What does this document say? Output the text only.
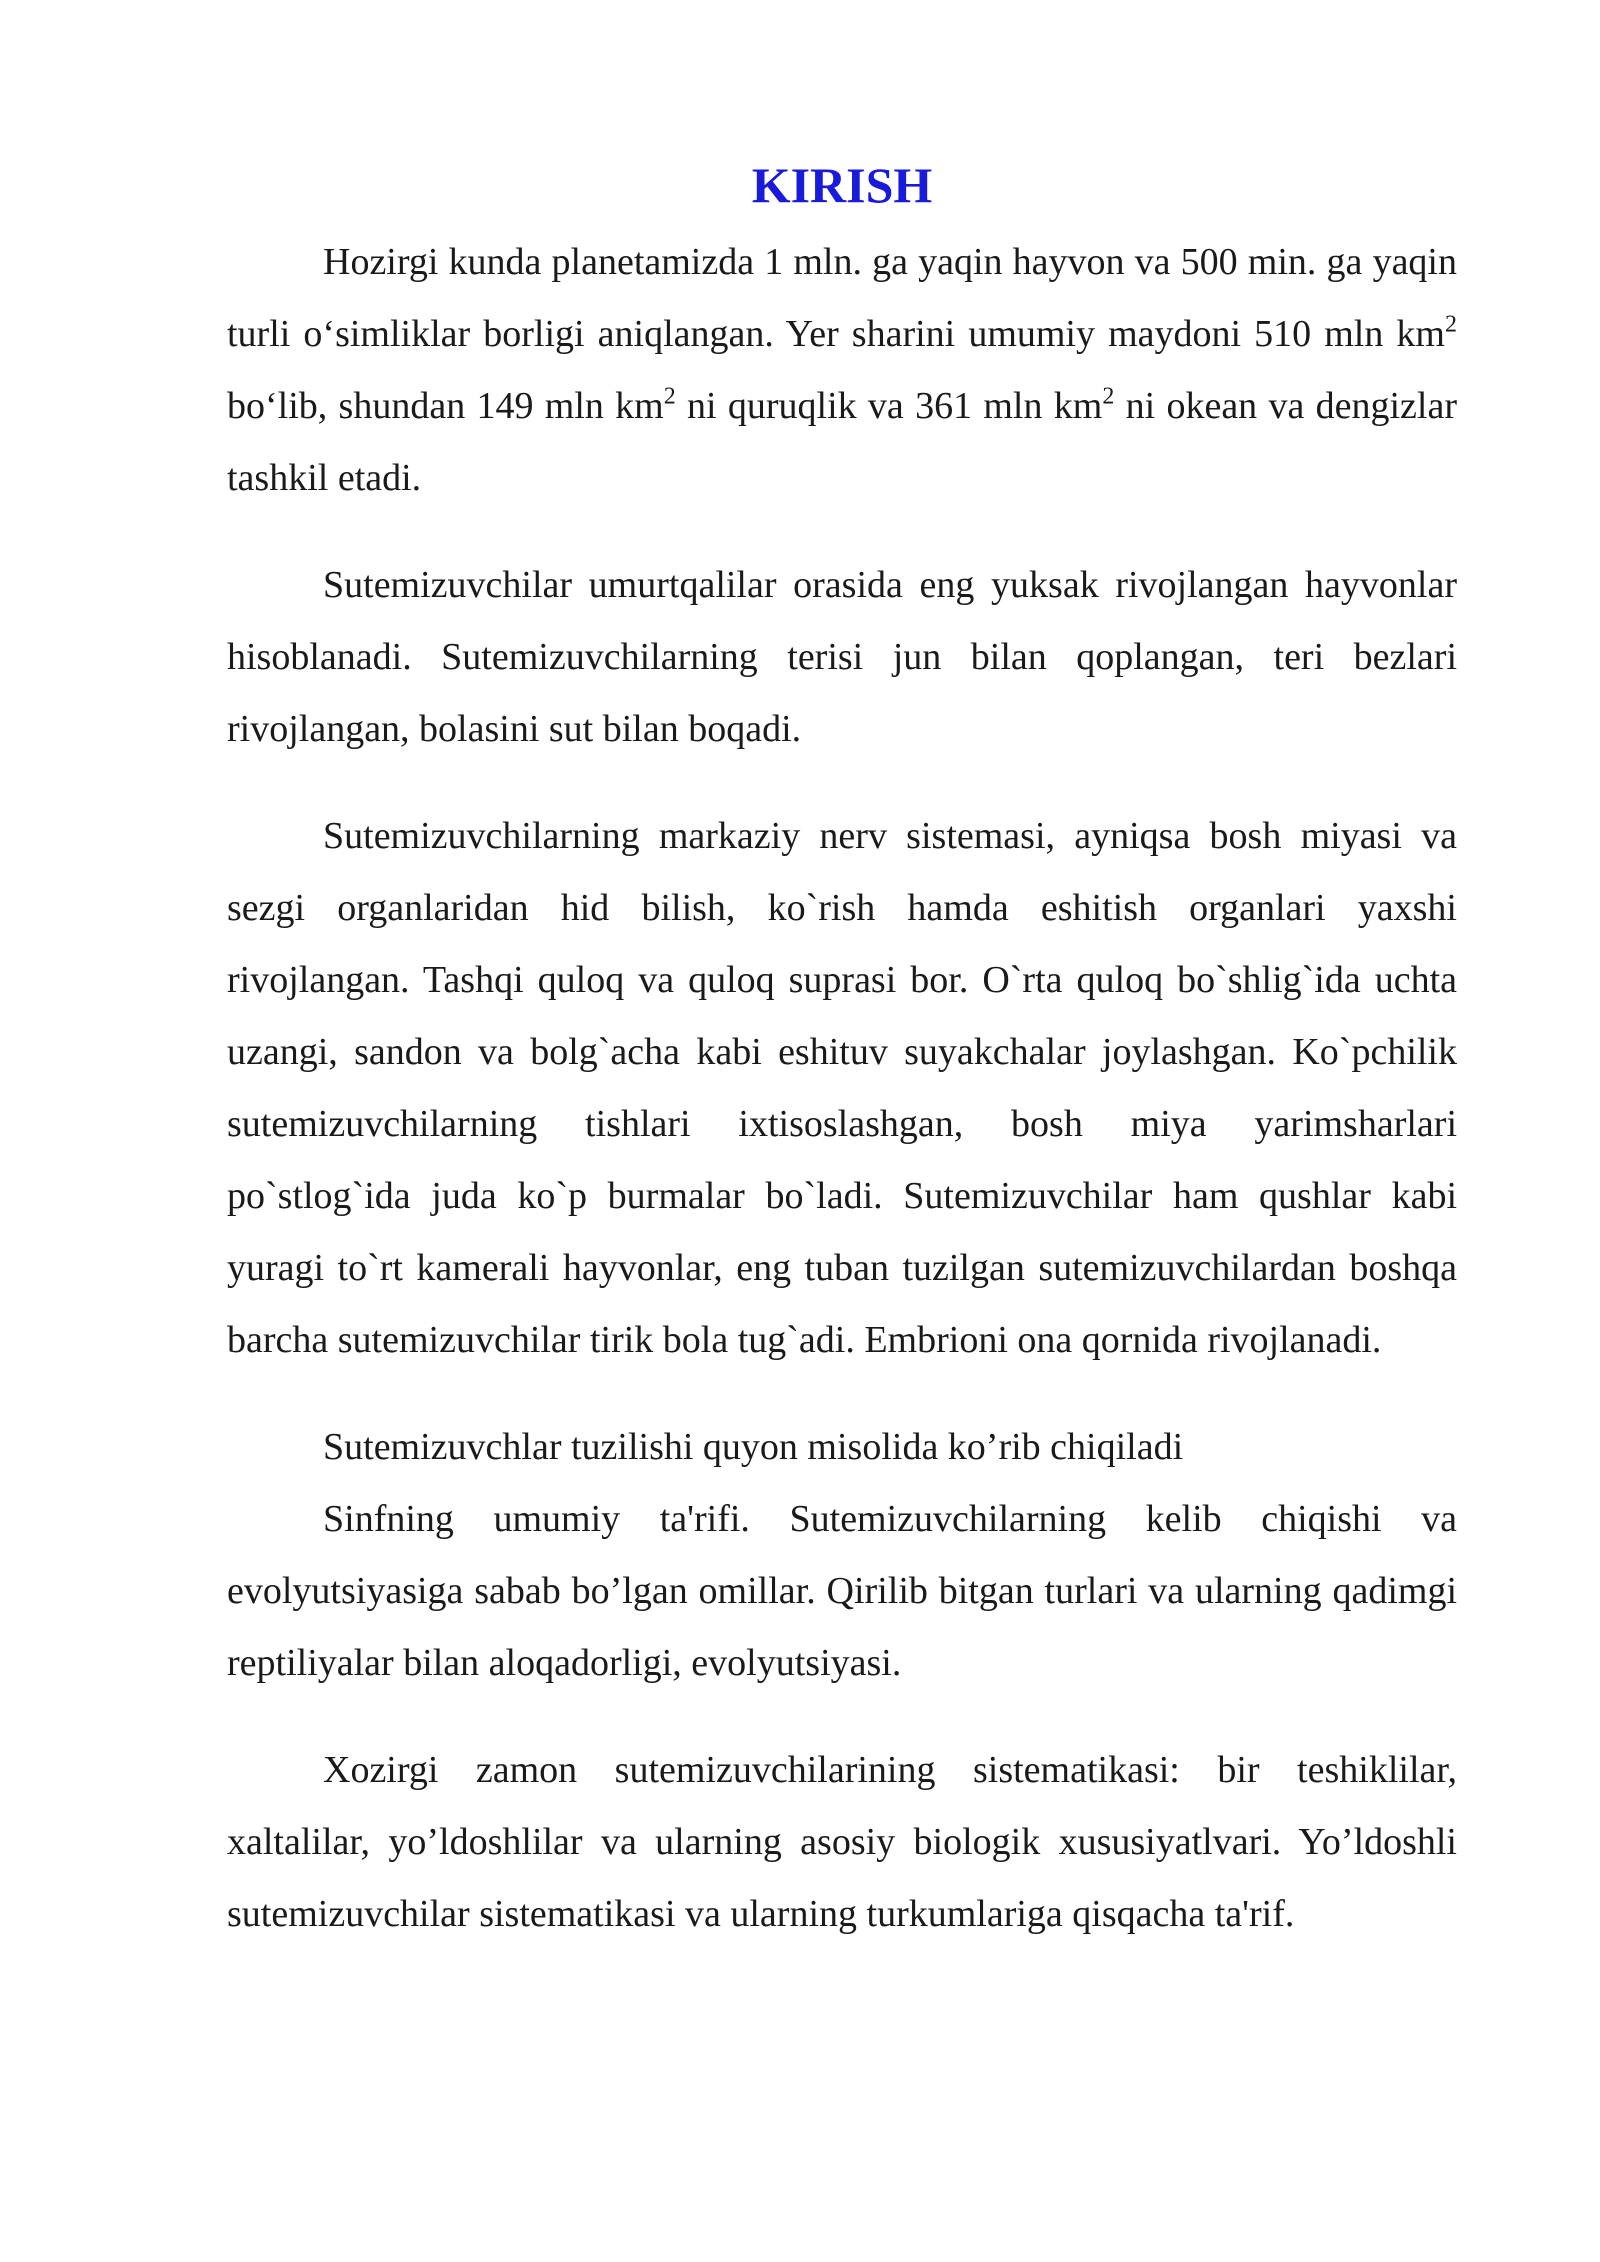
KIRISH

Hozirgi kunda planetamizda 1 mln. ga yaqin hayvon va 500 min. ga yaqin turli o‘simliklar borligi aniqlangan. Yer sharini umumiy maydoni 510 mln $km^2$ bo‘lib, shundan 149 mln $km^2$ ni quruqlik va 361 mln $km^2$ ni okean va dengizlar tashkil etadi.

Sutemizuvchilar umurtqalilar orasida eng yuksak rivojlangan hayvonlar hisoblanadi. Sutemizuvchilarning terisi jun bilan qoplangan, teri bezlari rivojlangan, bolasini sut bilan boqadi.

Sutemizuvchilarning markaziy nerv sistemasi, ayniqsa bosh miyasi va sezgi organlaridan hid bilish, ko`rish hamda eshitish organlari yaxshi rivojlangan. Tashqi quloq va quloq suprasi bor. O`rta quloq bo`shlig`ida uchta uzangi, sandon va bolg`acha kabi eshituv suyakchalar joylashgan. Ko`pchilik sutemizuvchilarning tishlari ixtisoslashgan, bosh miya yarimsharlari po`stlog`ida juda ko`p burmalar bo`ladi. Sutemizuvchilar ham qushlar kabi yuragi to`rt kamerali hayvonlar, eng tuban tuzilgan sutemizuvchilardan boshqa barcha sutemizuvchilar tirik bola tug`adi. Embrioni ona qornida rivojlanadi.

Sutemizuvchlar tuzilishi quyon misolida ko’rib chiqiladi

Sinfning umumiy ta'rifi. Sutemizuvchilarning kelib chiqishi va evolyutsiyasiga sabab bo’lgan omillar. Qirilib bitgan turlari va ularning qadimgi reptiliyalar bilan aloqadorligi, evolyutsiyasi.

Xozirgi zamon sutemizuvchilarining sistematikasi: bir teshiklilar, xaltalilar, yo’ldoshlilar va ularning asosiy biologik xususiyatlvari. Yo’ldoshli sutemizuvchilar sistematikasi va ularning turkumlariga qisqacha ta'rif.
